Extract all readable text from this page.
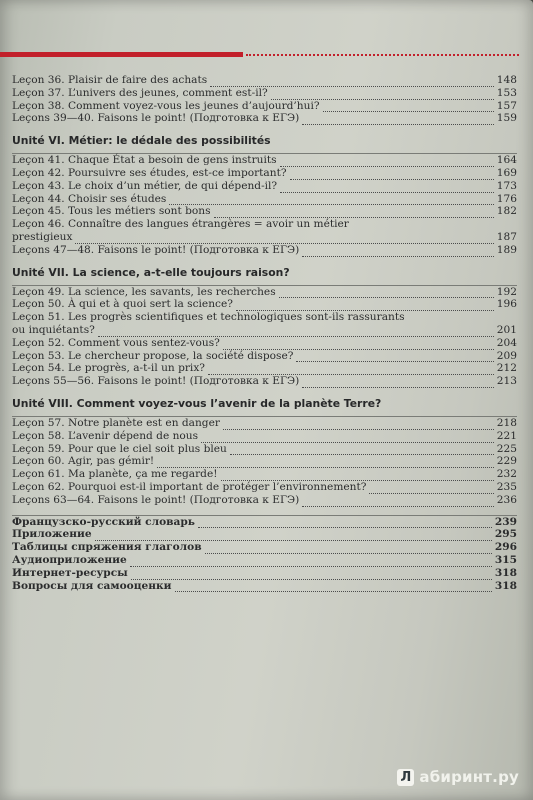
Leçon 36. Plaisir de faire des achats	148
Leçon 37. L’univers des jeunes, comment est-il?	153
Leçon 38. Comment voyez-vous les jeunes d’aujourd’hui?	157
Leçons 39—40. Faisons le point! (Подготовка к ЕГЭ)	159
Unité VI. Métier: le dédale des possibilités
Leçon 41. Chaque État a besoin de gens instruits	164
Leçon 42. Poursuivre ses études, est-ce important?	169
Leçon 43. Le choix d’un métier, de qui dépend-il?	173
Leçon 44. Choisir ses études	176
Leçon 45. Tous les métiers sont bons	182
Leçon 46. Connaître des langues étrangères = avoir un métier
prestigieux	187
Leçons 47—48. Faisons le point! (Подготовка к ЕГЭ)	189
Unité VII. La science, a-t-elle toujours raison?
Leçon 49. La science, les savants, les recherches	192
Leçon 50. À qui et à quoi sert la science?	196
Leçon 51. Les progrès scientifiques et technologiques sont-ils rassurants
ou inquiétants?	201
Leçon 52. Comment vous sentez-vous?	204
Leçon 53. Le chercheur propose, la société dispose?	209
Leçon 54. Le progrès, a-t-il un prix?	212
Leçons 55—56. Faisons le point! (Подготовка к ЕГЭ)	213
Unité VIII. Comment voyez-vous l’avenir de la planète Terre?
Leçon 57. Notre planète est en danger	218
Leçon 58. L’avenir dépend de nous	221
Leçon 59. Pour que le ciel soit plus bleu	225
Leçon 60. Agir, pas gémir!	229
Leçon 61. Ma planète, ça me regarde!	232
Leçon 62. Pourquoi est-il important de protéger l’environnement?	235
Leçons 63—64. Faisons le point! (Подготовка к ЕГЭ)	236
Французско-русский словарь	239
Приложение	295
Таблицы спряжения глаголов	296
Аудиоприложение	315
Интернет-ресурсы	318
Вопросы для самооценки	318
Л абиринт.ру
